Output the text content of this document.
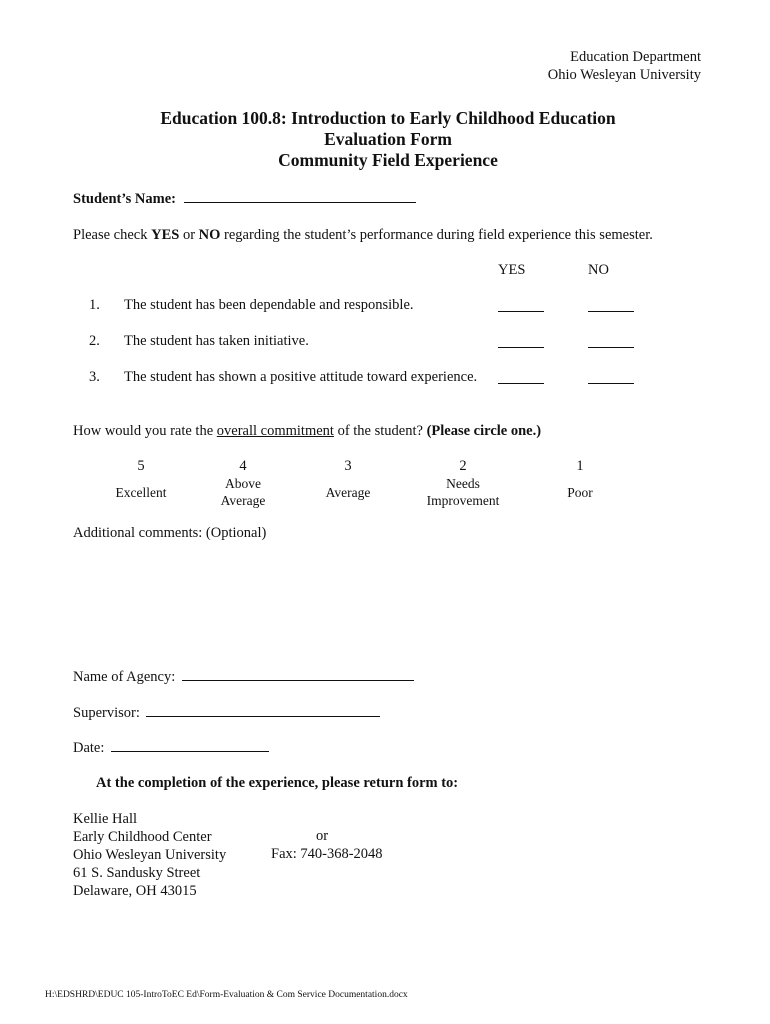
Education Department
Ohio Wesleyan University
Education 100.8: Introduction to Early Childhood Education
Evaluation Form
Community Field Experience
Student’s Name:
Please check YES or NO regarding the student’s performance during field experience this semester.
YES	NO
1. The student has been dependable and responsible.
2. The student has taken initiative.
3. The student has shown a positive attitude toward experience.
How would you rate the overall commitment of the student? (Please circle one.)
5
Excellent
4
Above
Average
3
Average
2
Needs
Improvement
1
Poor
Additional comments: (Optional)
Name of Agency:
Supervisor:
Date:
At the completion of the experience, please return form to:
Kellie Hall
Early Childhood Center
Ohio Wesleyan University
61 S. Sandusky Street
Delaware, OH 43015
or
Fax: 740-368-2048
H:\EDSHRD\EDUC 105-IntroToEC Ed\Form-Evaluation & Com Service Documentation.docx
